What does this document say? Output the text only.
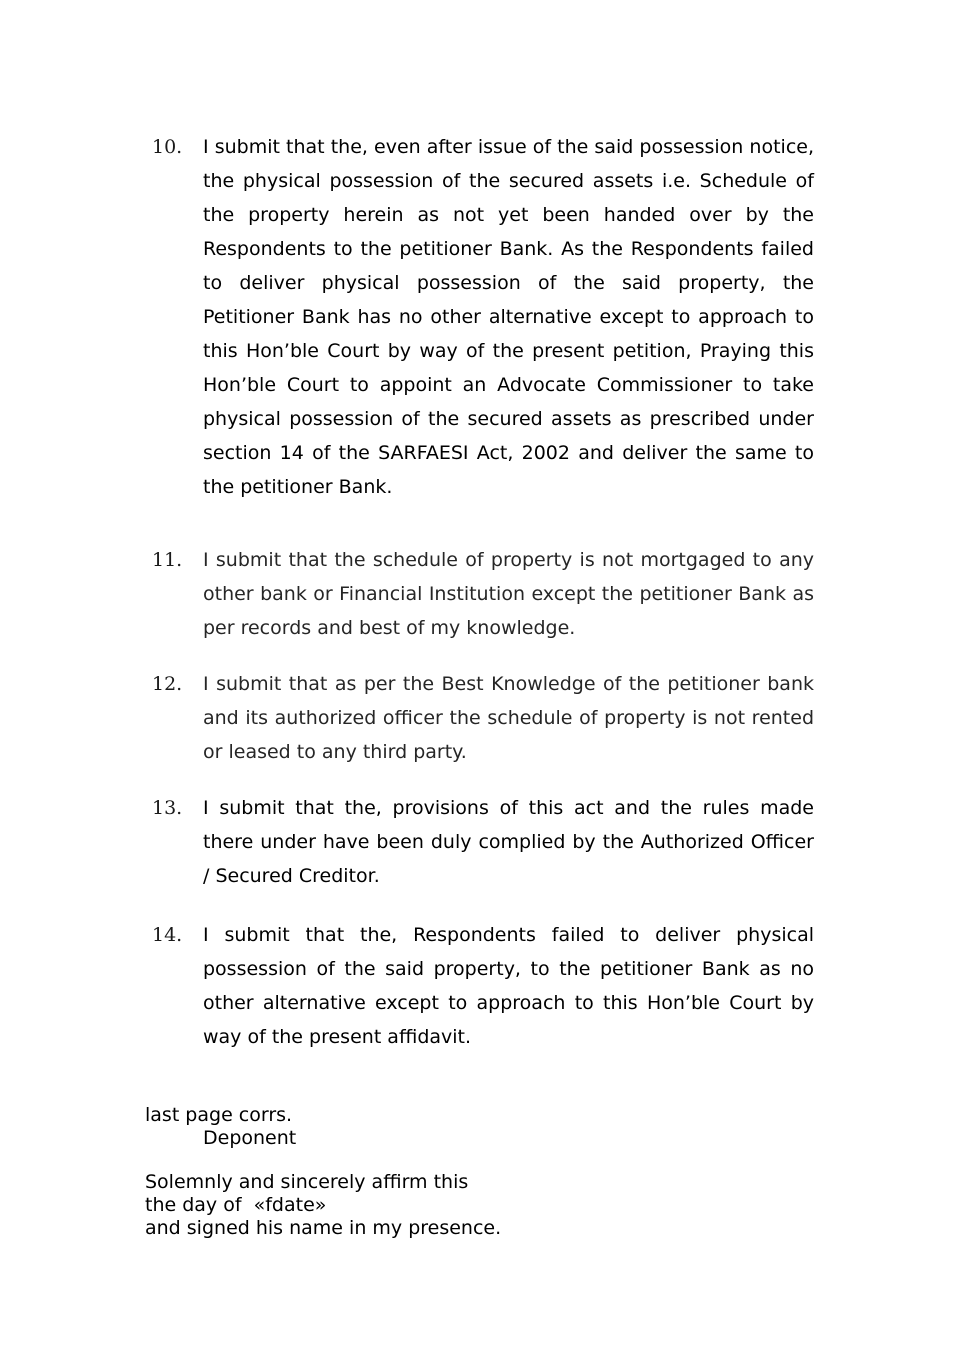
10. I submit that the, even after issue of the said possession notice, the physical possession of the secured assets i.e. Schedule of the property herein as not yet been handed over by the Respondents to the petitioner Bank. As the Respondents failed to deliver physical possession of the said property, the Petitioner Bank has no other alternative except to approach to this Hon’ble Court by way of the present petition, Praying this Hon’ble Court to appoint an Advocate Commissioner to take physical possession of the secured assets as prescribed under section 14 of the SARFAESI Act, 2002 and deliver the same to the petitioner Bank.
11. I submit that the schedule of property is not mortgaged to any other bank or Financial Institution except the petitioner Bank as per records and best of my knowledge.
12. I submit that as per the Best Knowledge of the petitioner bank and its authorized officer the schedule of property is not rented or leased to any third party.
13. I submit that the, provisions of this act and the rules made there under have been duly complied by the Authorized Officer / Secured Creditor.
14. I submit that the, Respondents failed to deliver physical possession of the said property, to the petitioner Bank as no other alternative except to approach to this Hon’ble Court by way of the present affidavit.
last page corrs.
Deponent
Solemnly and sincerely affirm this
the day of  «fdate»
and signed his name in my presence.
